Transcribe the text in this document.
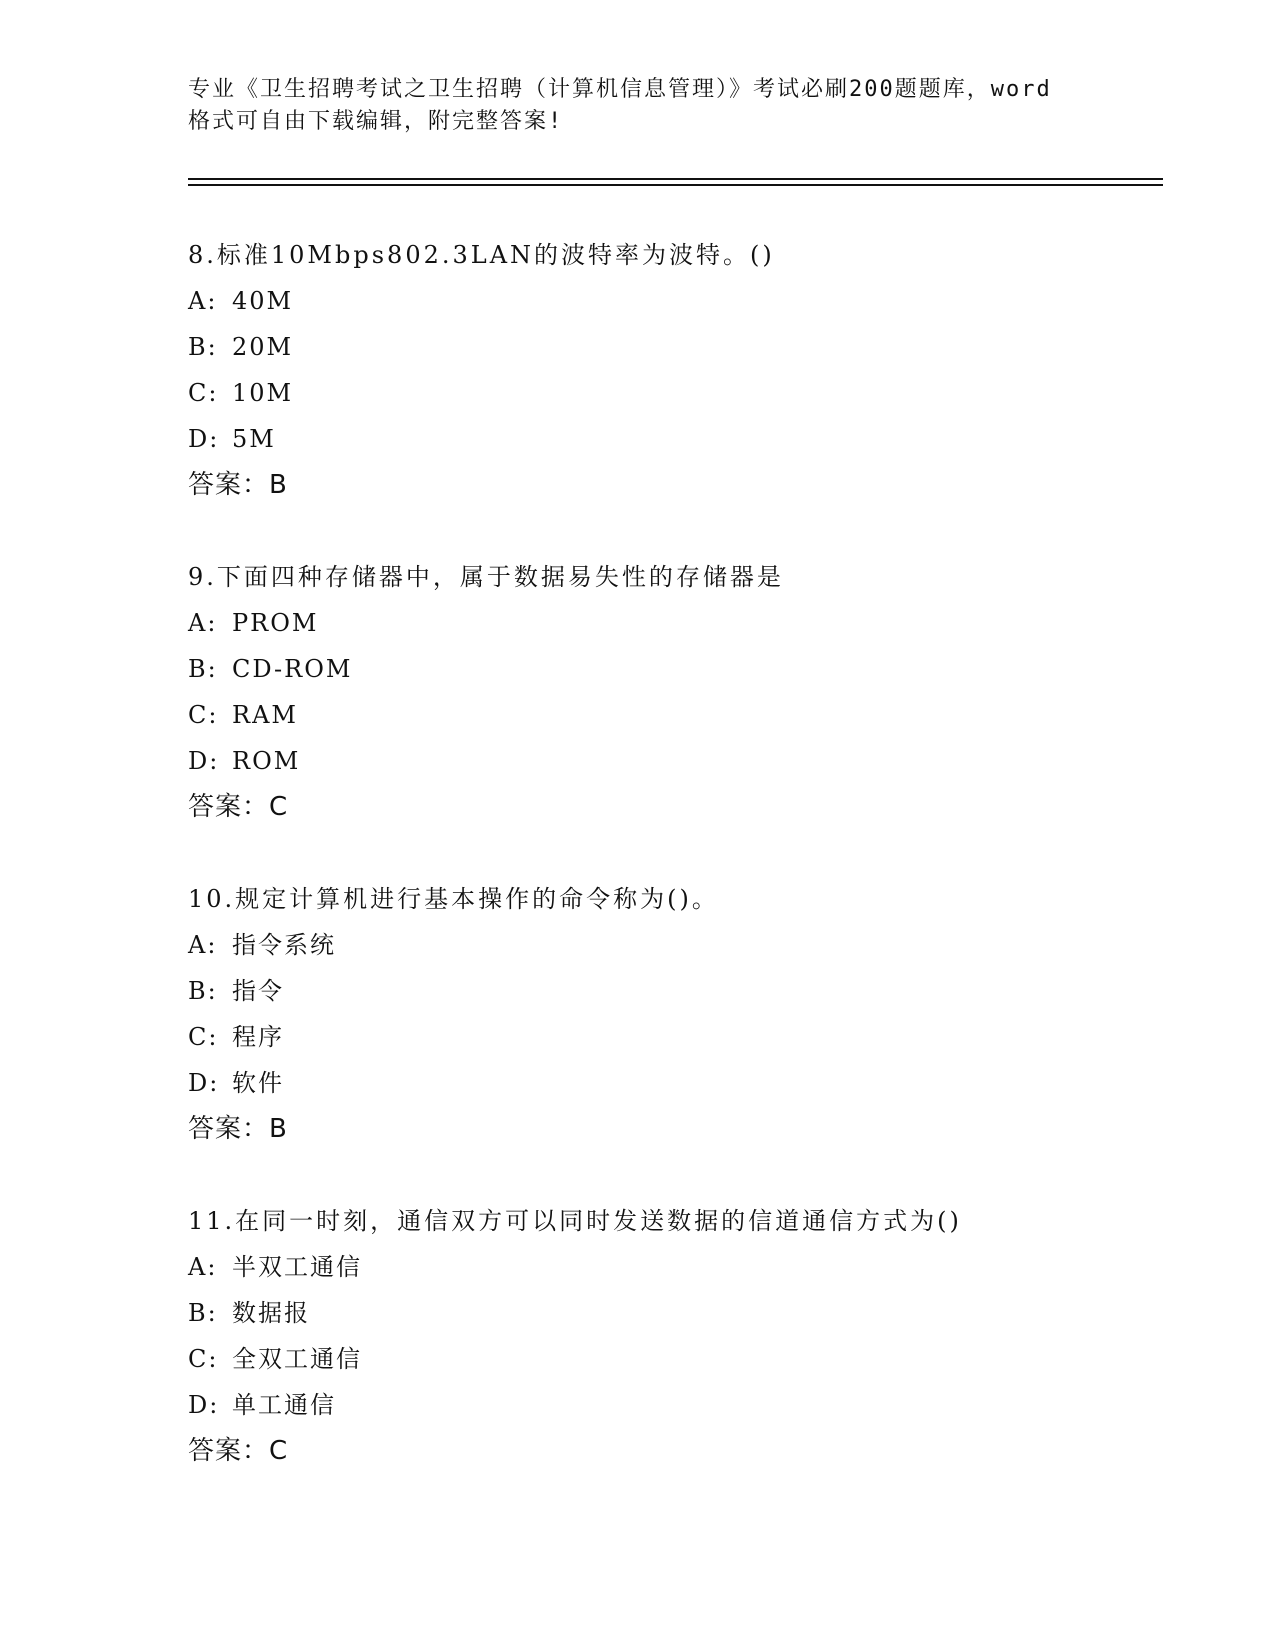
专业《卫生招聘考试之卫生招聘（计算机信息管理）》考试必刷200题题库，word
格式可自由下载编辑，附完整答案!
8.标准10Mbps802.3LAN的波特率为波特。()
A: 40M
B: 20M
C: 10M
D: 5M
答案：B
9.下面四种存储器中，属于数据易失性的存储器是
A: PROM
B: CD-ROM
C: RAM
D: ROM
答案：C
10.规定计算机进行基本操作的命令称为()。
A: 指令系统
B: 指令
C: 程序
D: 软件
答案：B
11.在同一时刻，通信双方可以同时发送数据的信道通信方式为()
A: 半双工通信
B: 数据报
C: 全双工通信
D: 单工通信
答案：C
